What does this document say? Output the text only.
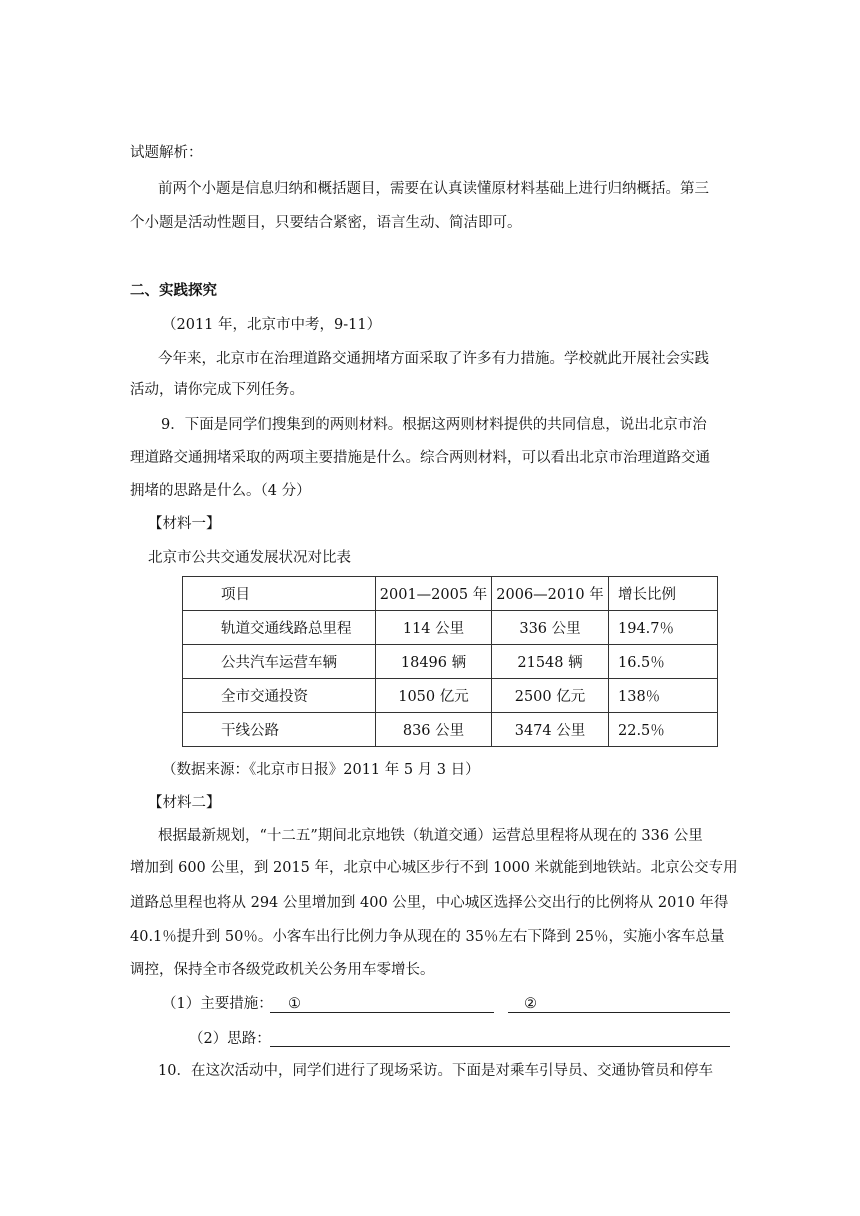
试题解析：
前两个小题是信息归纳和概括题目，需要在认真读懂原材料基础上进行归纳概括。第三
个小题是活动性题目，只要结合紧密，语言生动、简洁即可。
二、实践探究
（2011 年，北京市中考，9-11）
今年来，北京市在治理道路交通拥堵方面采取了许多有力措施。学校就此开展社会实践
活动，请你完成下列任务。
9．下面是同学们搜集到的两则材料。根据这两则材料提供的共同信息，说出北京市治
理道路交通拥堵采取的两项主要措施是什么。综合两则材料，可以看出北京市治理道路交通
拥堵的思路是什么。（4 分）
【材料一】
北京市公共交通发展状况对比表
项目	2001—2005 年	2006—2010 年	增长比例
轨道交通线路总里程	114 公里	336 公里	194.7％
公共汽车运营车辆	18496 辆	21548 辆	16.5％
全市交通投资	1050 亿元	2500 亿元	138％
干线公路	836 公里	3474 公里	22.5％
（数据来源：《北京市日报》2011 年 5 月 3 日）
【材料二】
根据最新规划，“十二五”期间北京地铁（轨道交通）运营总里程将从现在的 336 公里
增加到 600 公里，到 2015 年，北京中心城区步行不到 1000 米就能到地铁站。北京公交专用
道路总里程也将从 294 公里增加到 400 公里，中心城区选择公交出行的比例将从 2010 年得
40.1％提升到 50％。小客车出行比例力争从现在的 35％左右下降到 25％，实施小客车总量
调控，保持全市各级党政机关公务用车零增长。
（1）主要措施： ①	②
（2）思路：
10．在这次活动中，同学们进行了现场采访。下面是对乘车引导员、交通协管员和停车
